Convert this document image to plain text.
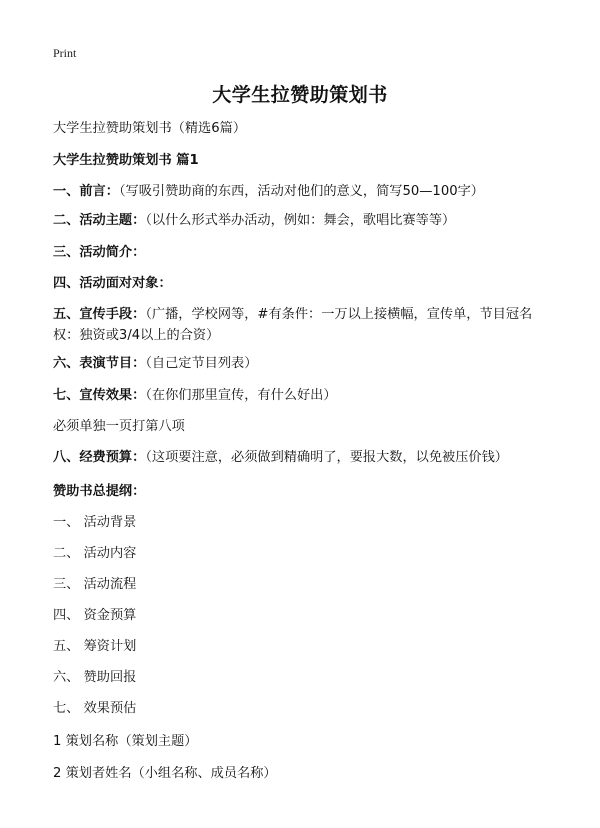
Print
大学生拉赞助策划书
大学生拉赞助策划书（精选6篇）
大学生拉赞助策划书 篇1
一、前言：（写吸引赞助商的东西，活动对他们的意义，简写50—100字）
二、活动主题：（以什么形式举办活动，例如：舞会，歌唱比赛等等）
三、活动简介：
四、活动面对对象：
五、宣传手段：（广播，学校网等，#有条件：一万以上接横幅，宣传单，节目冠名权：独资或3/4以上的合资）
六、表演节目：（自己定节目列表）
七、宣传效果：（在你们那里宣传，有什么好出）
必须单独一页打第八项
八、经费预算：（这项要注意，必须做到精确明了，要报大数，以免被压价钱）
赞助书总提纲：
一、 活动背景
二、 活动内容
三、 活动流程
四、 资金预算
五、 筹资计划
六、 赞助回报
七、 效果预估
1 策划名称（策划主题）
2 策划者姓名（小组名称、成员名称）
